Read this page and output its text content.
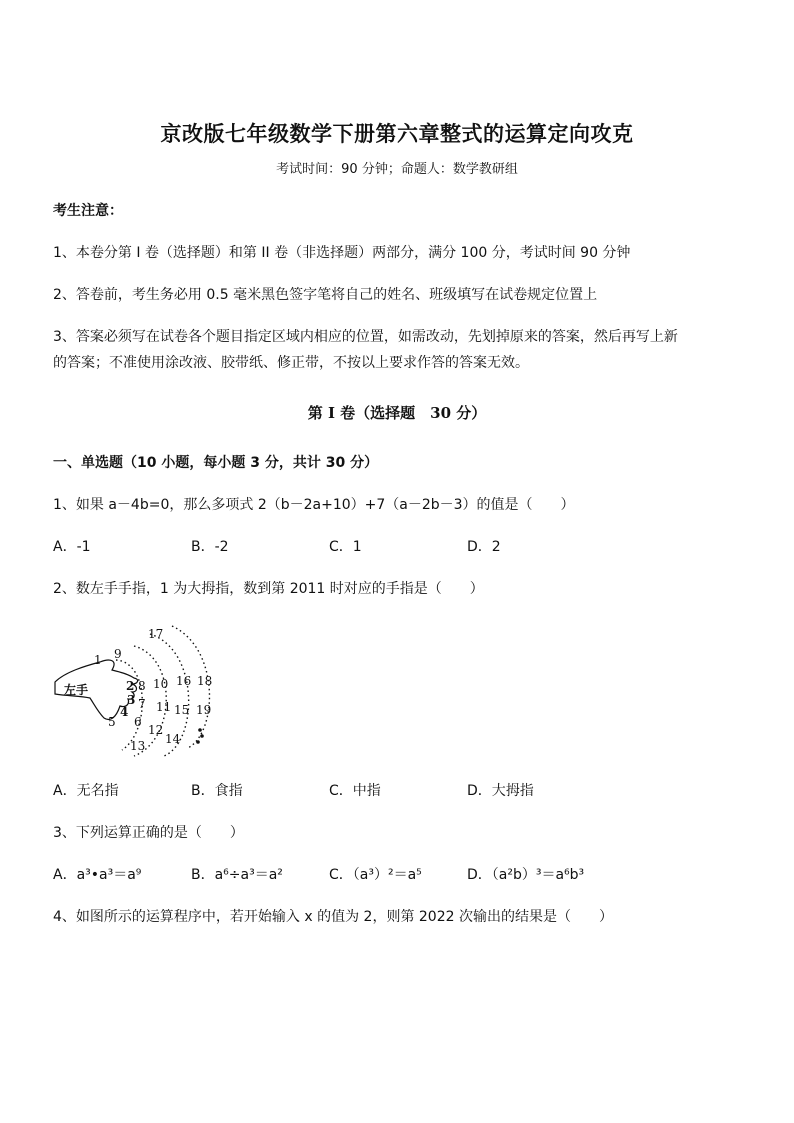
京改版七年级数学下册第六章整式的运算定向攻克
考试时间：90 分钟；命题人：数学教研组
考生注意：
1、本卷分第 I 卷（选择题）和第 II 卷（非选择题）两部分，满分 100 分，考试时间 90 分钟
2、答卷前，考生务必用 0.5 毫米黑色签字笔将自己的姓名、班级填写在试卷规定位置上
3、答案必须写在试卷各个题目指定区域内相应的位置，如需改动，先划掉原来的答案，然后再写上新
的答案；不准使用涂改液、胶带纸、修正带，不按以上要求作答的答案无效。
第 I 卷（选择题　30 分）
一、单选题（10 小题，每小题 3 分，共计 30 分）
1、如果 a－4b=0，那么多项式 2（b－2a+10）+7（a－2b－3）的值是（　　）
A．-1	B．-2	C．1	D．2
2、数左手手指，1 为大拇指，数到第 2011 时对应的手指是（　　）
左手
1
2
3
4
5 6
7
8
9
10
11
12
13 14
15
16
17
18
19
A．无名指	B．食指	C．中指	D．大拇指
3、下列运算正确的是（　　）
A．a³•a³＝a⁹	B．a⁶÷a³＝a²	C．（a³）²＝a⁵	D．（a²b）³＝a⁶b³
4、如图所示的运算程序中，若开始输入 x 的值为 2，则第 2022 次输出的结果是（　　）
